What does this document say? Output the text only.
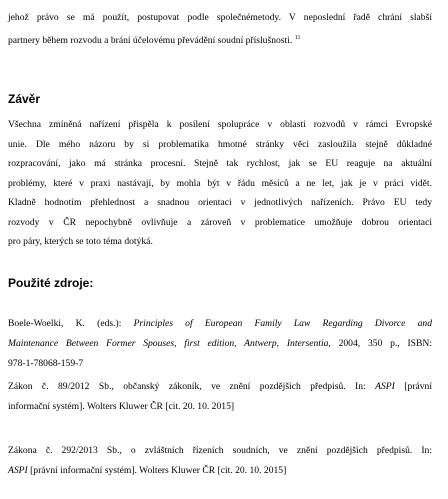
jehož právo se má použít, postupovat podle společnémetody. V neposlední řadě chrání slabší
partnery během rozvodu a brání účelovému převádění soudní příslušnosti. $^{11}$
Závěr
Všechna zmíněná nařízení přispěla k posílení spolupráce v oblasti rozvodů v rámci Evropské
unie. Dle mého názoru by si problematika hmotné stránky věci zasloužila stejně důkladné
rozpracování, jako má stránka procesní. Stejně tak rychlost, jak se EU reaguje na aktuální
problémy, které v praxi nastávají, by mohla být v řádu měsíců a ne let, jak je v práci vidět.
Kladně hodnotím přehlednost a snadnou orientaci v jednotlivých nařízeních. Právo EU tedy
rozvody v ČR nepochybně ovlivňuje a zároveň v problematice umožňuje dobrou orientaci
pro páry, kterých se toto téma dotýká.
Použité zdroje:
Boele-Woelki, K. (eds.): Principles of European Family Law Regarding Divorce and
Maintenance Between Former Spouses, first edition, Antwerp, Intersentia, 2004, 350 p., ISBN:
978-1-78068-159-7
Zákon č. 89/2012 Sb., občanský zákoník, ve znění pozdějších předpisů. In: ASPI [právní
informační systém]. Wolters Kluwer ČR [cit. 20. 10. 2015]
Zákona č. 292/2013 Sb., o zvláštních řízeních soudních, ve znění pozdějších předpisů. In:
ASPI [právní informační systém]. Wolters Kluwer ČR [cit. 20. 10. 2015]
